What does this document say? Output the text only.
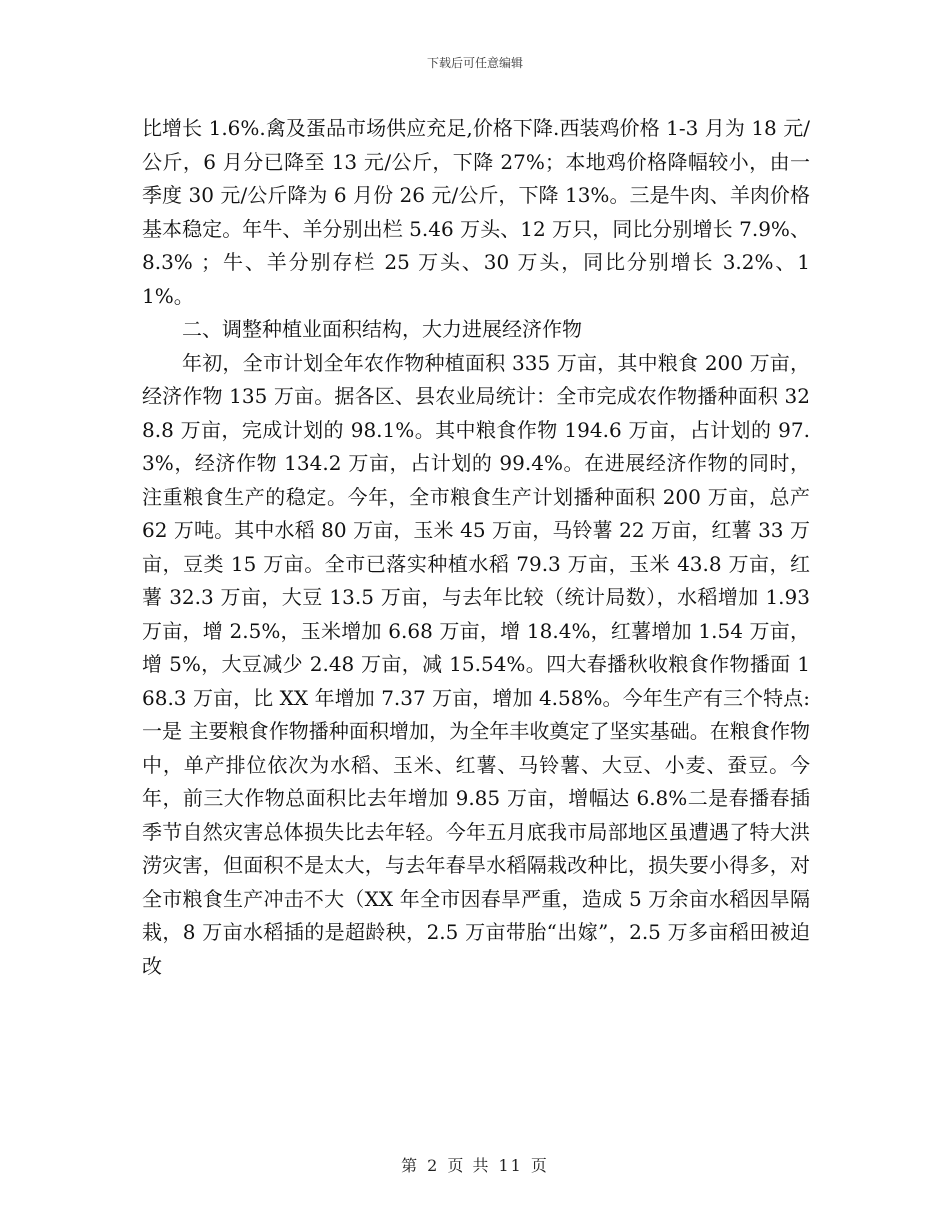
下载后可任意编辑

比增长 1.6%.禽及蛋品市场供应充足,价格下降.西装鸡价格 1-3 月为 18 元/公斤，6 月分已降至 13 元/公斤，下降 27%；本地鸡价格降幅较小，由一季度 30 元/公斤降为 6 月份 26 元/公斤，下降 13%。三是牛肉、羊肉价格基本稳定。年牛、羊分别出栏 5.46 万头、12 万只，同比分别增长 7.9%、8.3% ；牛、羊分别存栏 25 万头、30 万头，同比分别增长 3.2%、11%。

二、调整种植业面积结构，大力进展经济作物

年初，全市计划全年农作物种植面积 335 万亩，其中粮食 200 万亩，经济作物 135 万亩。据各区、县农业局统计：全市完成农作物播种面积 328.8 万亩，完成计划的 98.1%。其中粮食作物 194.6 万亩，占计划的 97.3%，经济作物 134.2 万亩，占计划的 99.4%。在进展经济作物的同时，注重粮食生产的稳定。今年，全市粮食生产计划播种面积 200 万亩，总产 62 万吨。其中水稻 80 万亩，玉米 45 万亩，马铃薯 22 万亩，红薯 33 万亩，豆类 15 万亩。全市已落实种植水稻 79.3 万亩，玉米 43.8 万亩，红薯 32.3 万亩，大豆 13.5 万亩，与去年比较（统计局数），水稻增加 1.93 万亩，增 2.5%，玉米增加 6.68 万亩，增 18.4%，红薯增加 1.54 万亩，增 5%，大豆减少 2.48 万亩，减 15.54%。四大春播秋收粮食作物播面 168.3 万亩，比 XX 年增加 7.37 万亩，增加 4.58%。今年生产有三个特点:一是 主要粮食作物播种面积增加，为全年丰收奠定了坚实基础。在粮食作物中，单产排位依次为水稻、玉米、红薯、马铃薯、大豆、小麦、蚕豆。今年，前三大作物总面积比去年增加 9.85 万亩，增幅达 6.8%二是春播春插季节自然灾害总体损失比去年轻。今年五月底我市局部地区虽遭遇了特大洪涝灾害，但面积不是太大，与去年春旱水稻隔栽改种比，损失要小得多，对全市粮食生产冲击不大（XX 年全市因春旱严重，造成 5 万余亩水稻因旱隔栽，8 万亩水稻插的是超龄秧，2.5 万亩带胎“出嫁”，2.5 万多亩稻田被迫改

第 2 页 共 11 页
